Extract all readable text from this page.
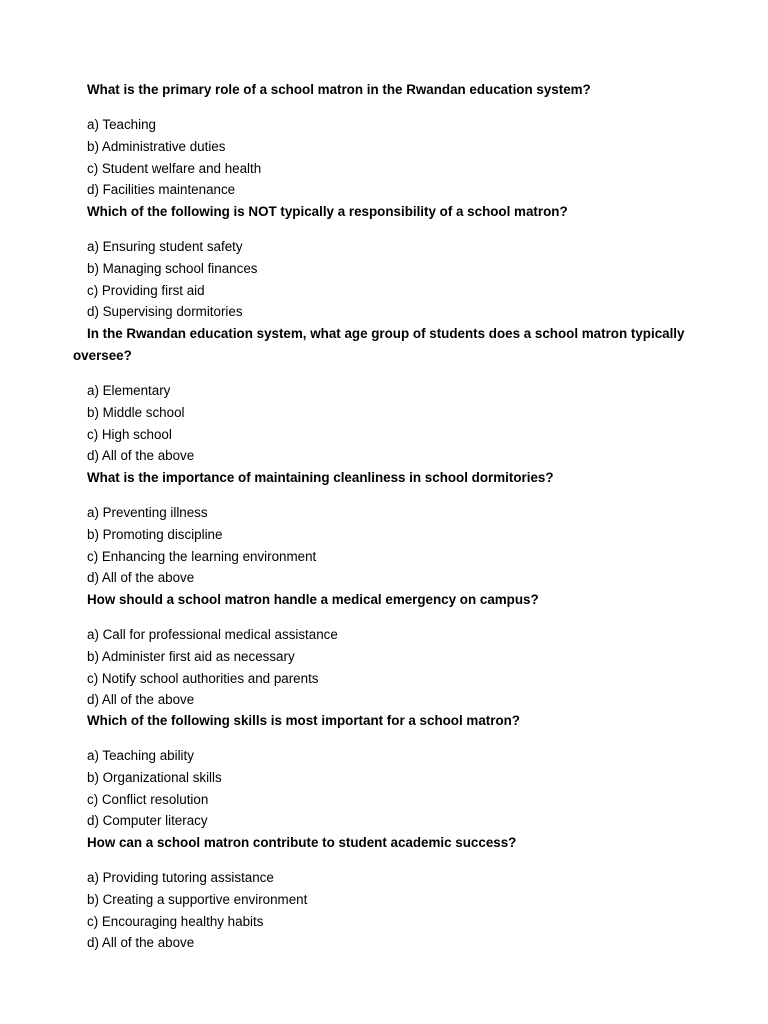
What is the primary role of a school matron in the Rwandan education system?

a) Teaching
b) Administrative duties
c) Student welfare and health
d) Facilities maintenance

Which of the following is NOT typically a responsibility of a school matron?

a) Ensuring student safety
b) Managing school finances
c) Providing first aid
d) Supervising dormitories

In the Rwandan education system, what age group of students does a school matron typically oversee?

a) Elementary
b) Middle school
c) High school
d) All of the above

What is the importance of maintaining cleanliness in school dormitories?

a) Preventing illness
b) Promoting discipline
c) Enhancing the learning environment
d) All of the above

How should a school matron handle a medical emergency on campus?

a) Call for professional medical assistance
b) Administer first aid as necessary
c) Notify school authorities and parents
d) All of the above

Which of the following skills is most important for a school matron?

a) Teaching ability
b) Organizational skills
c) Conflict resolution
d) Computer literacy

How can a school matron contribute to student academic success?

a) Providing tutoring assistance
b) Creating a supportive environment
c) Encouraging healthy habits
d) All of the above
